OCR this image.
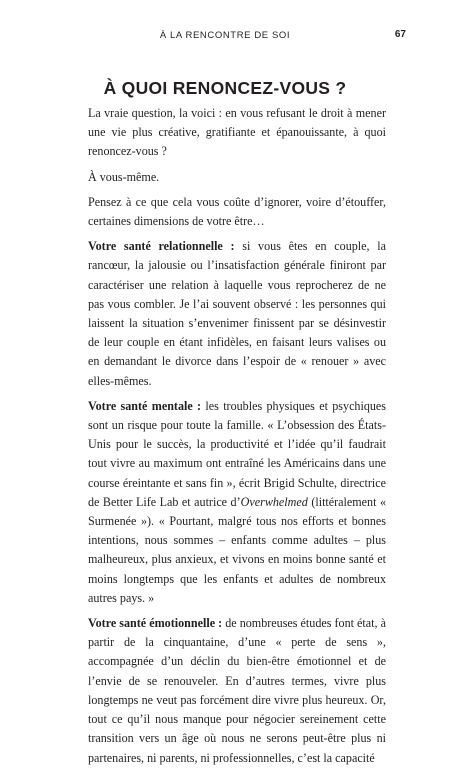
À LA RENCONTRE DE SOI	67
À QUOI RENONCEZ-VOUS ?

La vraie question, la voici : en vous refusant le droit à mener une vie plus créative, gratifiante et épanouissante, à quoi renoncez-vous ?

À vous-même.

Pensez à ce que cela vous coûte d’ignorer, voire d’étouffer, certaines dimensions de votre être…

Votre santé relationnelle : si vous êtes en couple, la rancœur, la jalousie ou l’insatisfaction générale finiront par caractériser une relation à laquelle vous reprocherez de ne pas vous combler. Je l’ai souvent observé : les personnes qui laissent la situation s’envenimer finissent par se désinvestir de leur couple en étant infidèles, en faisant leurs valises ou en demandant le divorce dans l’espoir de « renouer » avec elles-mêmes.

Votre santé mentale : les troubles physiques et psychiques sont un risque pour toute la famille. « L’obsession des États-Unis pour le succès, la productivité et l’idée qu’il faudrait tout vivre au maximum ont entraîné les Américains dans une course éreintante et sans fin », écrit Brigid Schulte, directrice de Better Life Lab et autrice d’Overwhelmed (littéralement « Surmenée »). « Pourtant, malgré tous nos efforts et bonnes intentions, nous sommes – enfants comme adultes – plus malheureux, plus anxieux, et vivons en moins bonne santé et moins longtemps que les enfants et adultes de nombreux autres pays. »

Votre santé émotionnelle : de nombreuses études font état, à partir de la cinquantaine, d’une « perte de sens », accompagnée d’un déclin du bien-être émotionnel et de l’envie de se renouveler. En d’autres termes, vivre plus longtemps ne veut pas forcément dire vivre plus heureux. Or, tout ce qu’il nous manque pour négocier sereinement cette transition vers un âge où nous ne serons peut-être plus ni partenaires, ni parents, ni professionnelles, c’est la capacité
